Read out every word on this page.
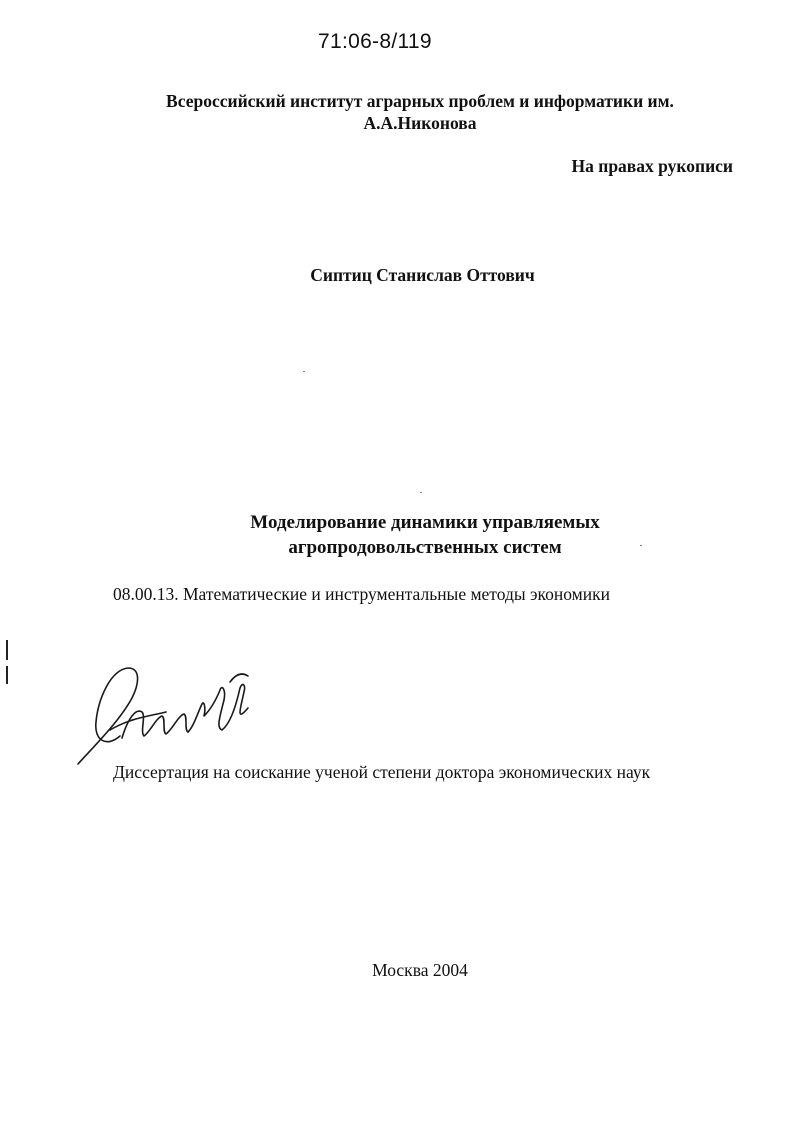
71:06-8/119
Всероссийский институт аграрных проблем и информатики им.
А.А.Никонова
На правах рукописи
Сиптиц Станислав Оттович
Моделирование динамики управляемых
агропродовольственных систем
08.00.13. Математические и инструментальные методы экономики
Диссертация на соискание ученой степени доктора экономических наук
Москва 2004
